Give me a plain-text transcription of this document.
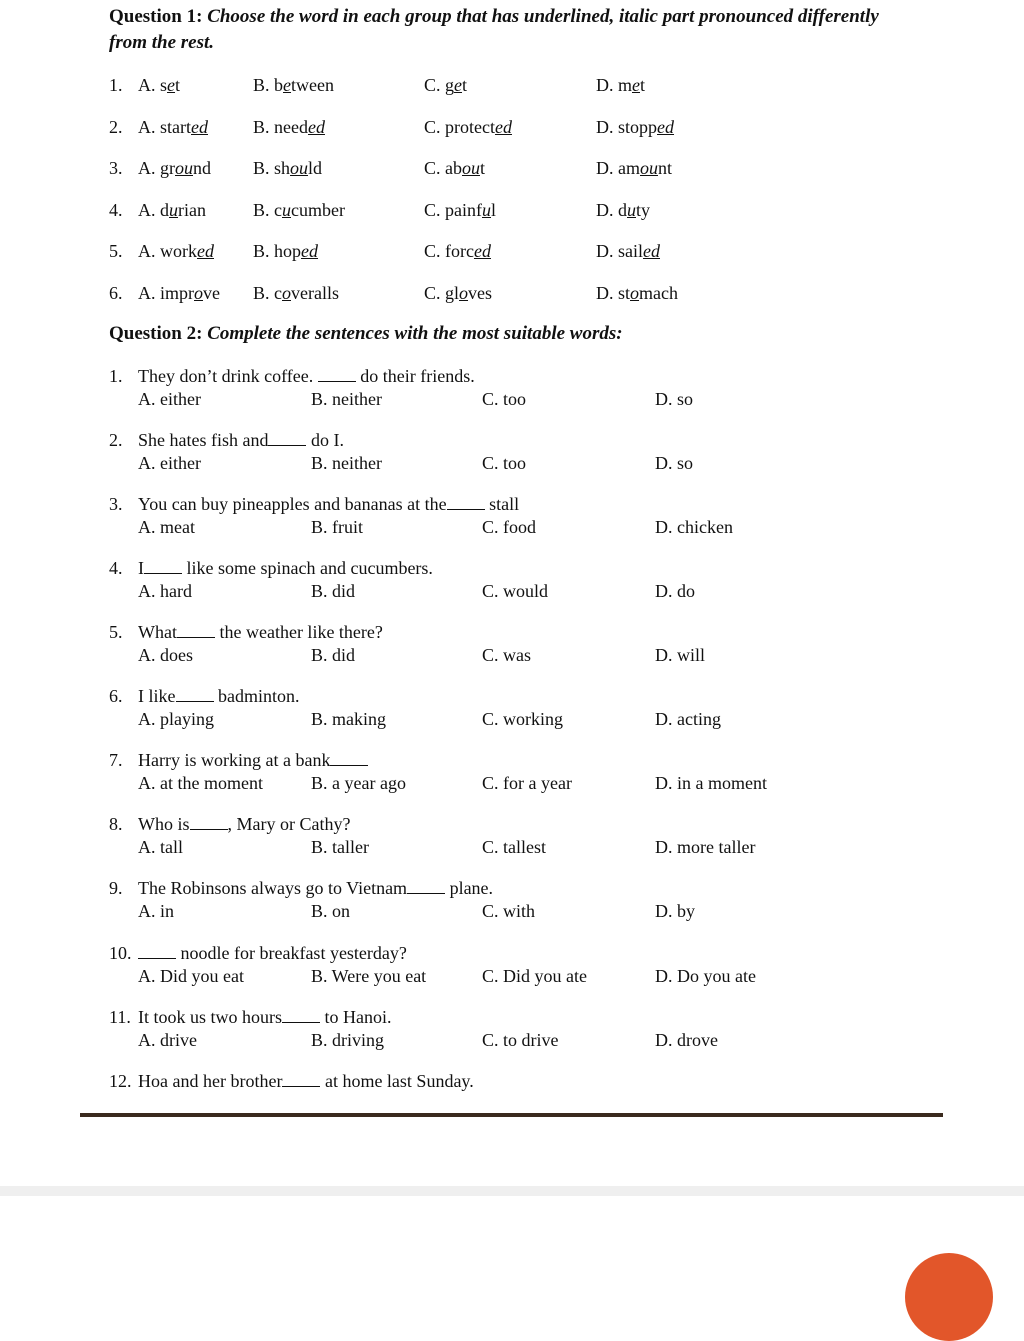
Question 1: Choose the word in each group that has underlined, italic part pronounced differently from the rest.
1. A. set	B. between	C. get	D. met
2. A. started	B. needed	C. protected	D. stopped
3. A. ground B. should	C. about	D. amount
4. A. durian	B. cucumber	C. painful	D. duty
5. A. worked B. hoped	C. forced	D. sailed
6. A. improve B. coveralls	C. gloves	D. stomach
Question 2: Complete the sentences with the most suitable words:
1. They don’t drink coffee.  do their friends.
A. either	B. neither	C. too	D. so
2. She hates fish and do I.
A. either	B. neither	C. too	D. so
3. You can buy pineapples and bananas at the stall
A. meat	B. fruit	C. food	D. chicken
4. I like some spinach and cucumbers.
A. hard	B. did	C. would	D. do
5. What the weather like there?
A. does	B. did	C. was	D. will
6. I like badminton.
A. playing	B. making	C. working	D. acting
7. Harry is working at a bank
A. at the moment	B. a year ago	C. for a year	D. in a moment
8. Who is , Mary or Cathy?
A. tall	B. taller	C. tallest	D. more taller
9. The Robinsons always go to Vietnam plane.
A. in	B. on	C. with	D. by
10.	noodle for breakfast yesterday?
A. Did you eat	B. Were you eat	C. Did you ate	D. Do you ate
11. It took us two hours to Hanoi.
A. drive	B. driving	C. to drive	D. drove
12. Hoa and her brother at home last Sunday.
